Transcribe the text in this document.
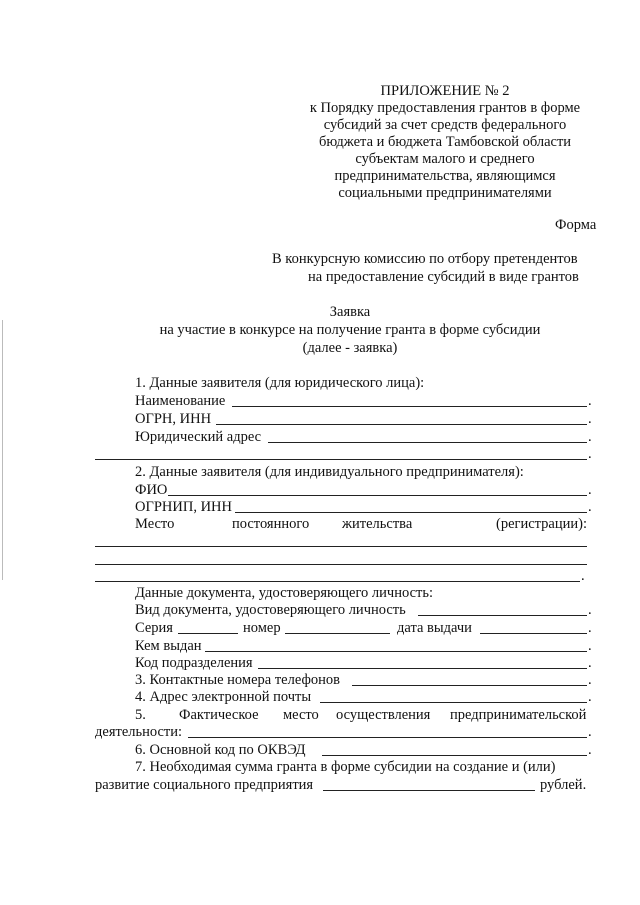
ПРИЛОЖЕНИЕ № 2
к Порядку предоставления грантов в форме
субсидий за счет средств федерального
бюджета и бюджета Тамбовской области
субъектам малого и среднего
предпринимательства, являющимся
социальными предпринимателями
Форма
В конкурсную комиссию по отбору претендентов
на предоставление субсидий в виде грантов
Заявка
на участие в конкурсе на получение гранта в форме субсидии
(далее - заявка)
1. Данные заявителя (для юридического лица):
Наименование	.
ОГРН, ИНН	.
Юридический адрес	.
.
2. Данные заявителя (для индивидуального предпринимателя):
ФИО	.
ОГРНИП, ИНН	.
Место	постоянного жительства	(регистрации):
.
Данные документа, удостоверяющего личность:
Вид документа, удостоверяющего личность	.
Серия	номер	дата выдачи	.
Кем выдан	.
Код подразделения	.
3. Контактные номера телефонов	.
4. Адрес электронной почты	.
5. Фактическое место осуществления предпринимательской
деятельности:	.
6. Основной код по ОКВЭД	.
7. Необходимая сумма гранта в форме субсидии на создание и (или)
развитие социального предприятия	рублей.
